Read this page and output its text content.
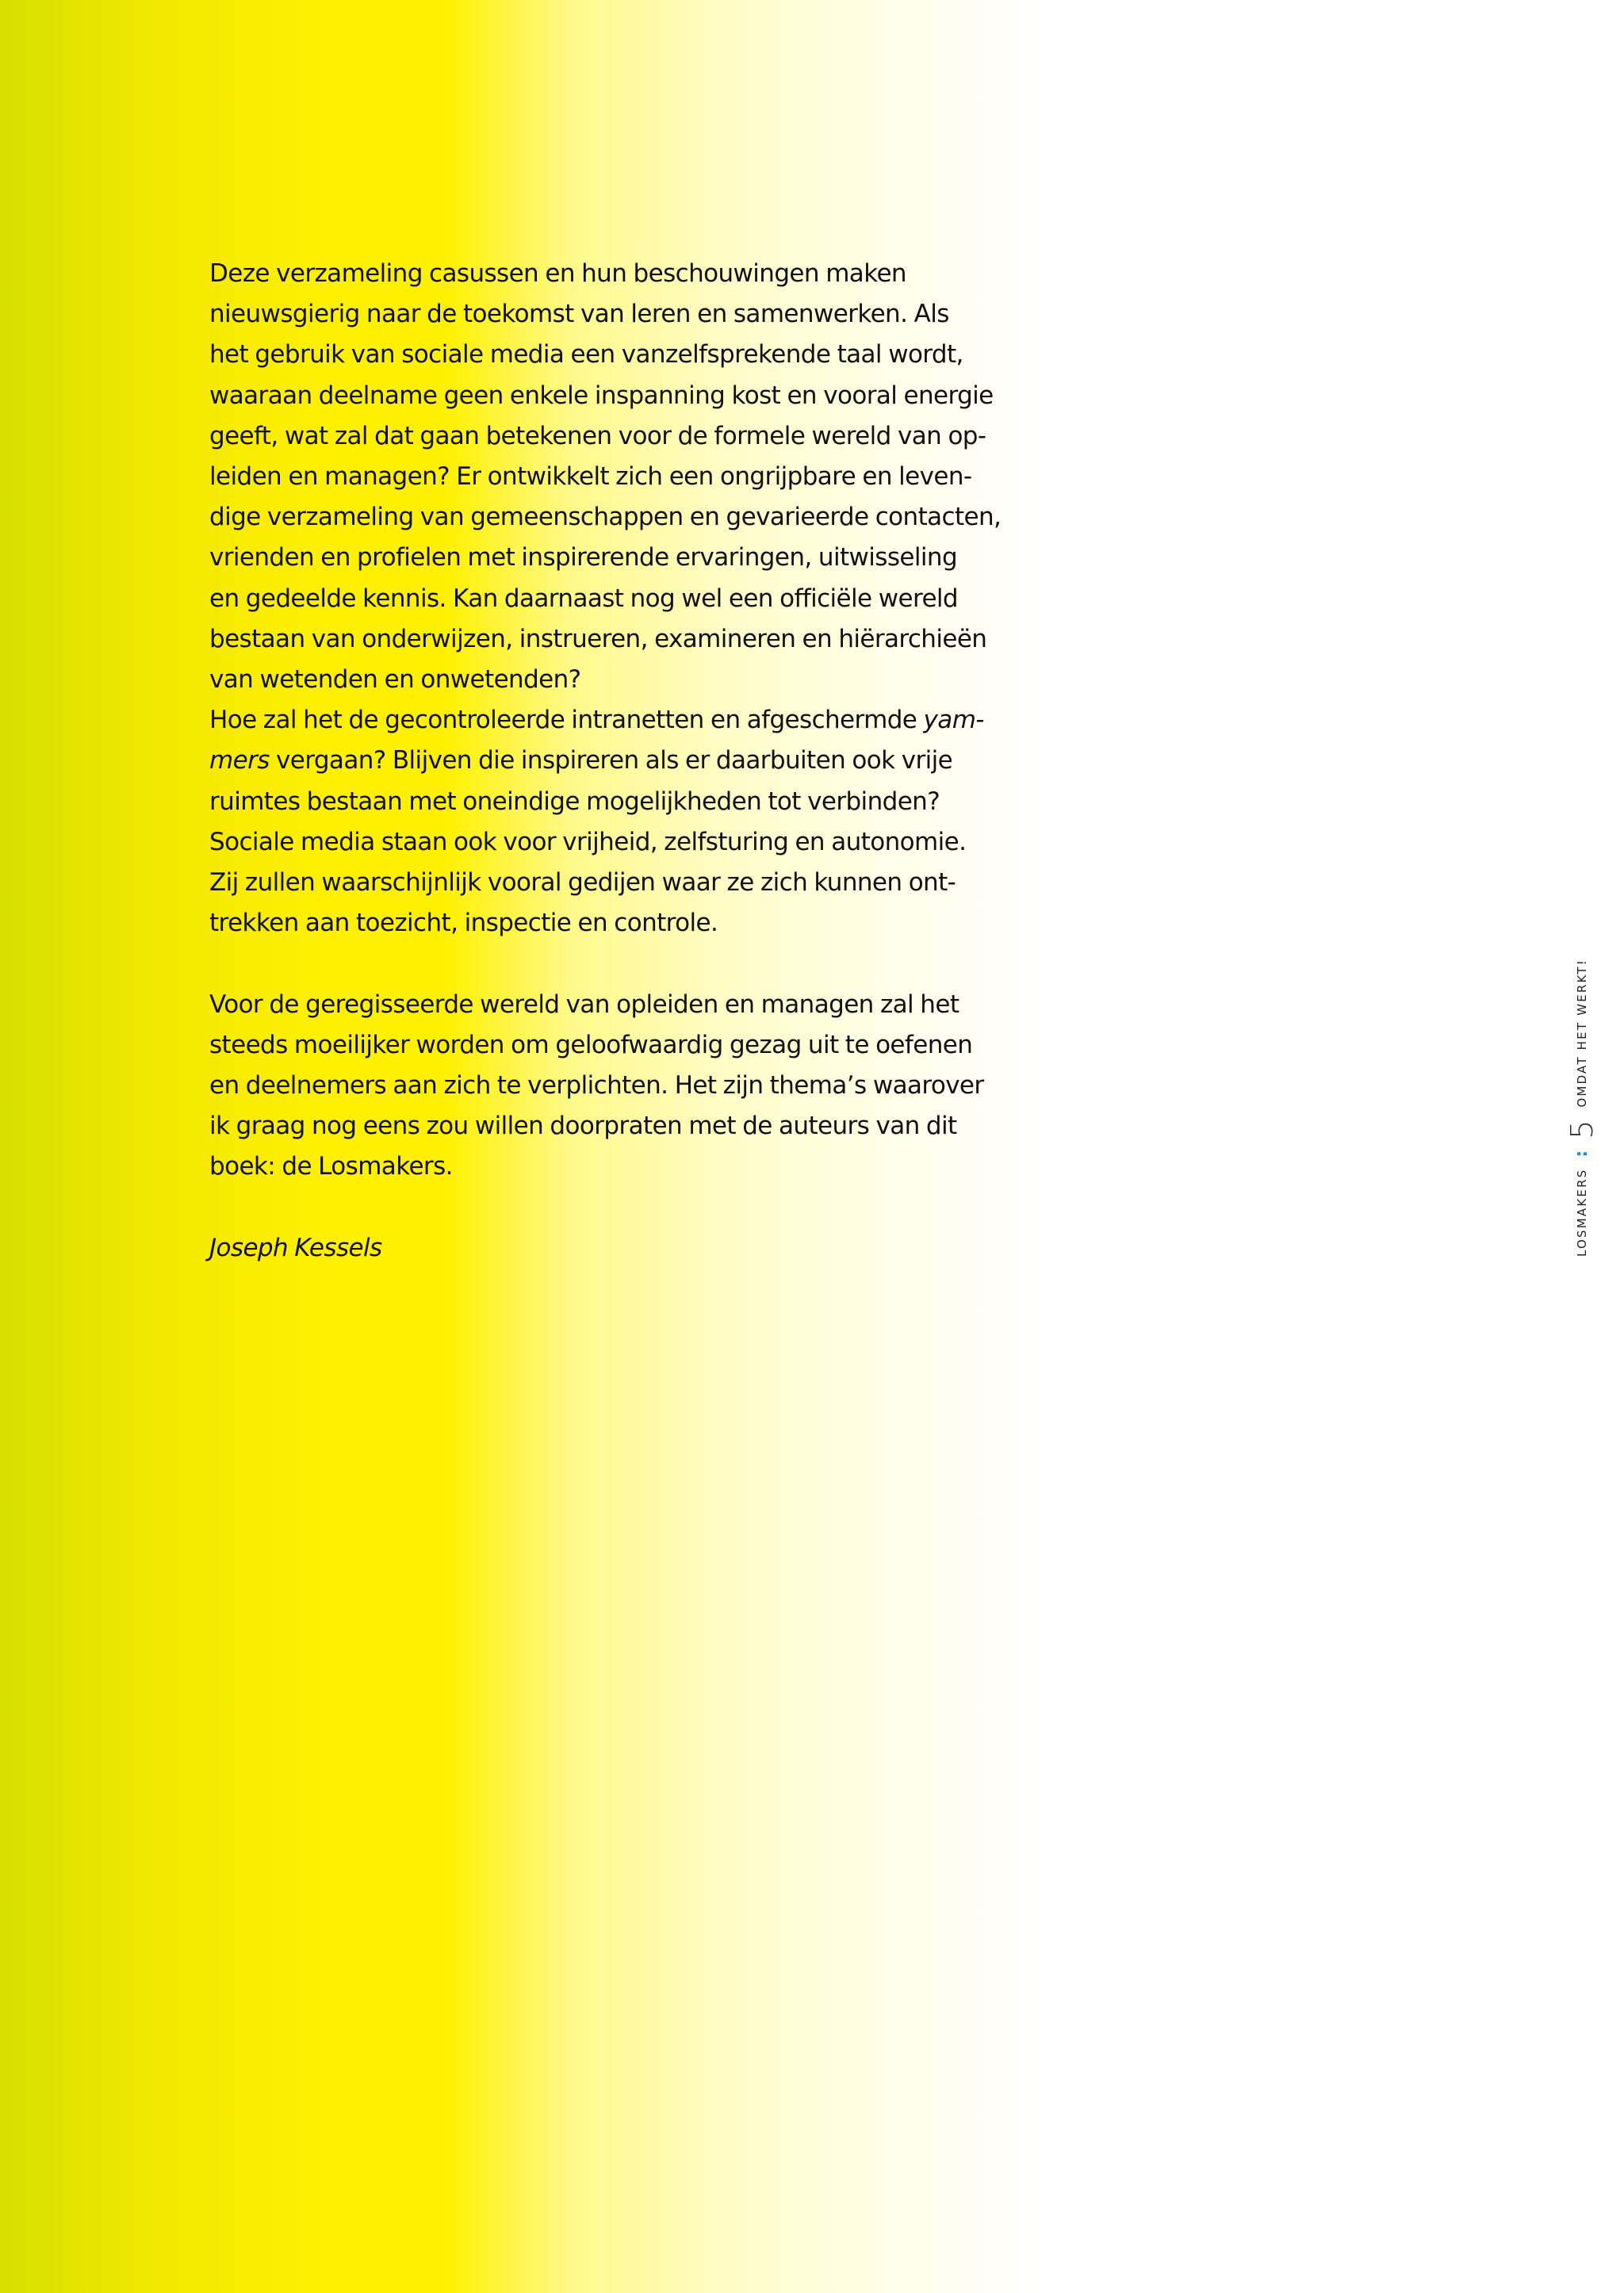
Deze verzameling casussen en hun beschouwingen maken
nieuwsgierig naar de toekomst van leren en samenwerken. Als
het gebruik van sociale media een vanzelfsprekende taal wordt,
waaraan deelname geen enkele inspanning kost en vooral energie
geeft, wat zal dat gaan betekenen voor de formele wereld van op-
leiden en managen? Er ontwikkelt zich een ongrijpbare en leven-
dige verzameling van gemeenschappen en gevarieerde contacten,
vrienden en profielen met inspirerende ervaringen, uitwisseling
en gedeelde kennis. Kan daarnaast nog wel een officiële wereld
bestaan van onderwijzen, instrueren, examineren en hiërarchieën
van wetenden en onwetenden?
Hoe zal het de gecontroleerde intranetten en afgeschermde yam-
mers vergaan? Blijven die inspireren als er daarbuiten ook vrije
ruimtes bestaan met oneindige mogelijkheden tot verbinden?
Sociale media staan ook voor vrijheid, zelfsturing en autonomie.
Zij zullen waarschijnlijk vooral gedijen waar ze zich kunnen ont-
trekken aan toezicht, inspectie en controle.
Voor de geregisseerde wereld van opleiden en managen zal het
steeds moeilijker worden om geloofwaardig gezag uit te oefenen
en deelnemers aan zich te verplichten. Het zijn thema’s waarover
ik graag nog eens zou willen doorpraten met de auteurs van dit
boek: de Losmakers.
Joseph Kessels	LOSMAKERS
:
5
OMDAT HET WERKT!
